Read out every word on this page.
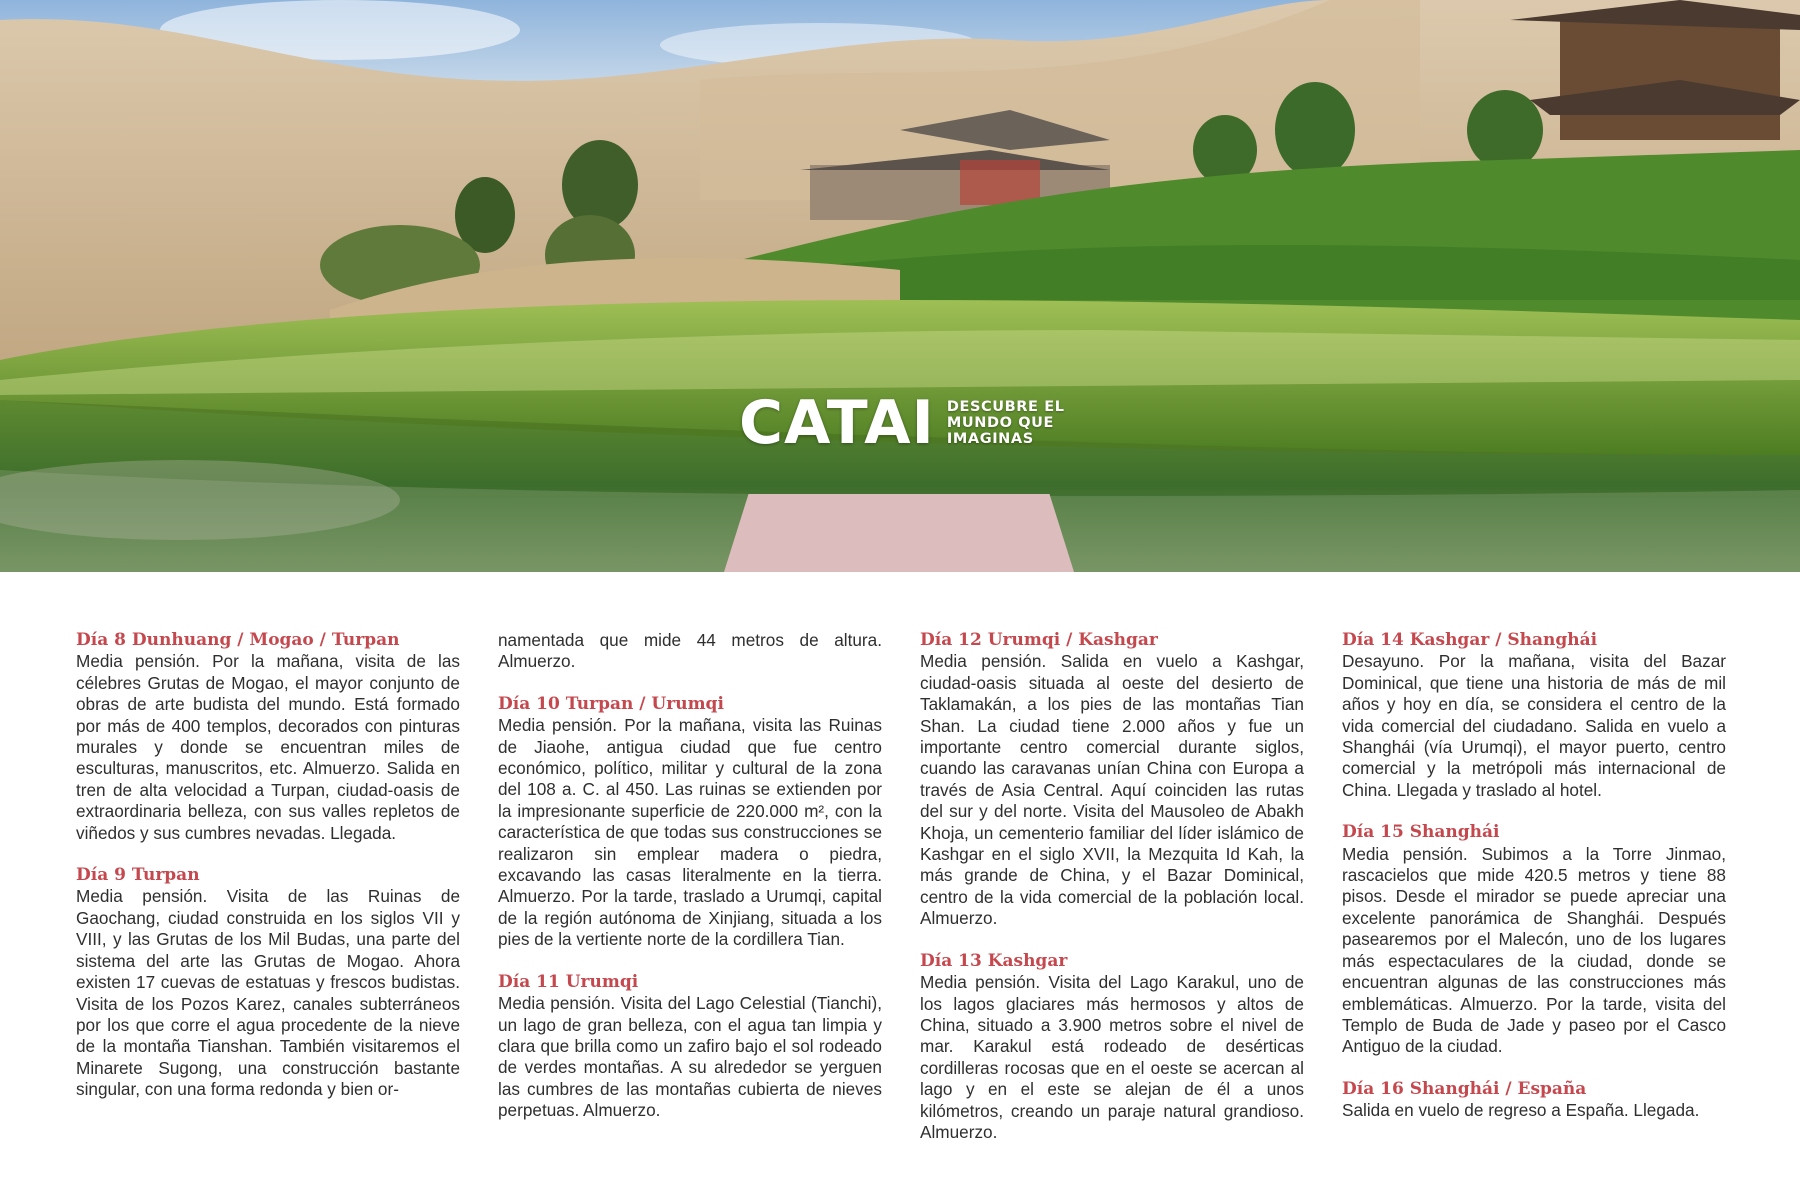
CATAI DESCUBRE EL
MUNDO QUE
IMAGINAS
Día 8 Dunhuang / Mogao / Turpan

Media pensión. Por la mañana, visita de las célebres Grutas de Mogao, el mayor conjunto de obras de arte budista del mundo. Está formado por más de 400 templos, decorados con pinturas murales y donde se encuentran miles de esculturas, manuscritos, etc. Almuerzo. Salida en tren de alta velocidad a Turpan, ciudad-oasis de extraordinaria belleza, con sus valles repletos de viñedos y sus cumbres nevadas. Llegada.

Día 9 Turpan

Media pensión. Visita de las Ruinas de Gaochang, ciudad construida en los siglos VII y VIII, y las Grutas de los Mil Budas, una parte del sistema del arte las Grutas de Mogao. Ahora existen 17 cuevas de estatuas y frescos budistas. Visita de los Pozos Karez, canales subterráneos por los que corre el agua procedente de la nieve de la montaña Tianshan. También visitaremos el Minarete Sugong, una construcción bastante singular, con una forma redonda y bien or-

namentada que mide 44 metros de altura. Almuerzo.

Día 10 Turpan / Urumqi

Media pensión. Por la mañana, visita las Ruinas de Jiaohe, antigua ciudad que fue centro económico, político, militar y cultural de la zona del 108 a. C. al 450. Las ruinas se extienden por la impresionante superficie de 220.000 m², con la característica de que todas sus construcciones se realizaron sin emplear madera o piedra, excavando las casas literalmente en la tierra. Almuerzo. Por la tarde, traslado a Urumqi, capital de la región autónoma de Xinjiang, situada a los pies de la vertiente norte de la cordillera Tian.

Día 11 Urumqi

Media pensión. Visita del Lago Celestial (Tianchi), un lago de gran belleza, con el agua tan limpia y clara que brilla como un zafiro bajo el sol rodeado de verdes montañas. A su alrededor se yerguen las cumbres de las montañas cubierta de nieves perpetuas. Almuerzo.

Día 12 Urumqi / Kashgar

Media pensión. Salida en vuelo a Kashgar, ciudad-oasis situada al oeste del desierto de Taklamakán, a los pies de las montañas Tian Shan. La ciudad tiene 2.000 años y fue un importante centro comercial durante siglos, cuando las caravanas unían China con Europa a través de Asia Central. Aquí coinciden las rutas del sur y del norte. Visita del Mausoleo de Abakh Khoja, un cementerio familiar del líder islámico de Kashgar en el siglo XVII, la Mezquita Id Kah, la más grande de China, y el Bazar Dominical, centro de la vida comercial de la población local. Almuerzo.

Día 13 Kashgar

Media pensión. Visita del Lago Karakul, uno de los lagos glaciares más hermosos y altos de China, situado a 3.900 metros sobre el nivel de mar. Karakul está rodeado de desérticas cordilleras rocosas que en el oeste se acercan al lago y en el este se alejan de él a unos kilómetros, creando un paraje natural grandioso. Almuerzo.

Día 14 Kashgar / Shanghái

Desayuno. Por la mañana, visita del Bazar Dominical, que tiene una historia de más de mil años y hoy en día, se considera el centro de la vida comercial del ciudadano. Salida en vuelo a Shanghái (vía Urumqi), el mayor puerto, centro comercial y la metrópoli más internacional de China. Llegada y traslado al hotel.

Día 15 Shanghái

Media pensión. Subimos a la Torre Jinmao, rascacielos que mide 420.5 metros y tiene 88 pisos. Desde el mirador se puede apreciar una excelente panorámica de Shanghái. Después pasearemos por el Malecón, uno de los lugares más espectaculares de la ciudad, donde se encuentran algunas de las construcciones más emblemáticas. Almuerzo. Por la tarde, visita del Templo de Buda de Jade y paseo por el Casco Antiguo de la ciudad.

Día 16 Shanghái / España

Salida en vuelo de regreso a España. Llegada.
